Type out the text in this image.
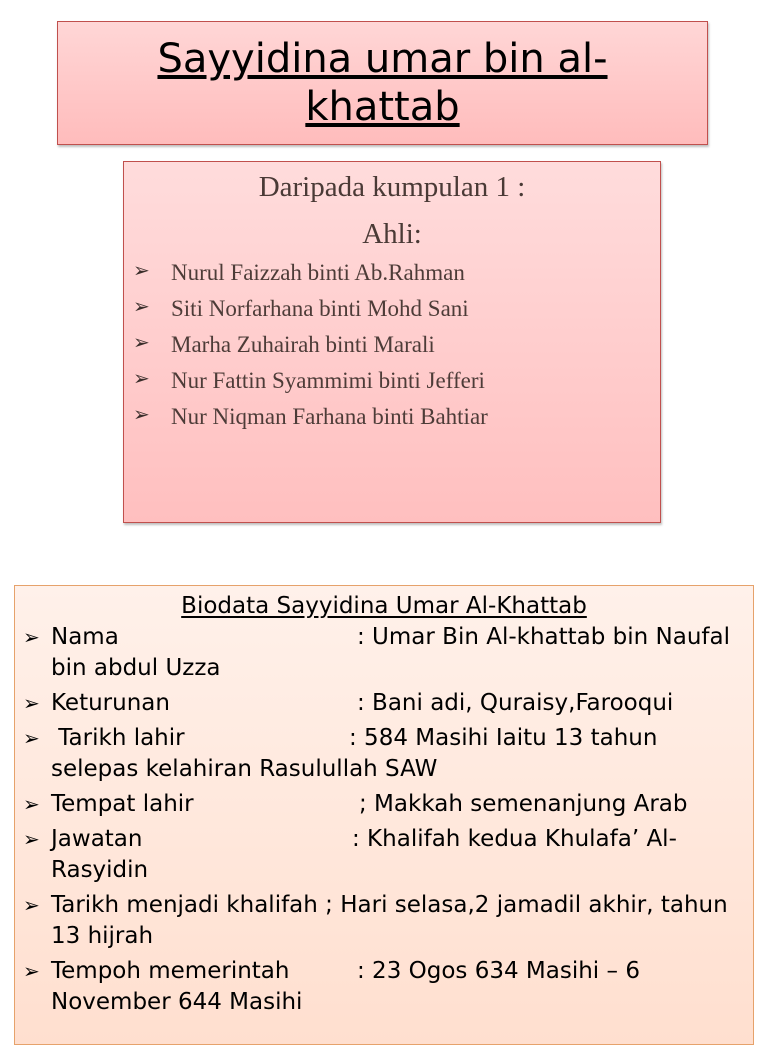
Sayyidina umar bin al-khattab
Daripada kumpulan 1 :
Ahli:
➢ Nurul Faizzah binti Ab.Rahman
➢ Siti Norfarhana binti Mohd Sani
➢ Marha Zuhairah binti Marali
➢ Nur Fattin Syammimi binti Jefferi
➢ Nur Niqman Farhana binti Bahtiar
Biodata Sayyidina Umar Al-Khattab
➢ Nama	: Umar Bin Al-khattab bin Naufal bin abdul Uzza
➢ Keturunan	: Bani adi, Quraisy,Farooqui
➢ Tarikh lahir	: 584 Masihi Iaitu 13 tahun selepas kelahiran Rasulullah SAW
➢ Tempat lahir	; Makkah semenanjung Arab
➢ Jawatan	: Khalifah kedua Khulafa’ Al-Rasyidin
➢ Tarikh menjadi khalifah ; Hari selasa,2 jamadil akhir, tahun 13 hijrah
➢ Tempoh memerintah	: 23 Ogos 634 Masihi – 6 November 644 Masihi
